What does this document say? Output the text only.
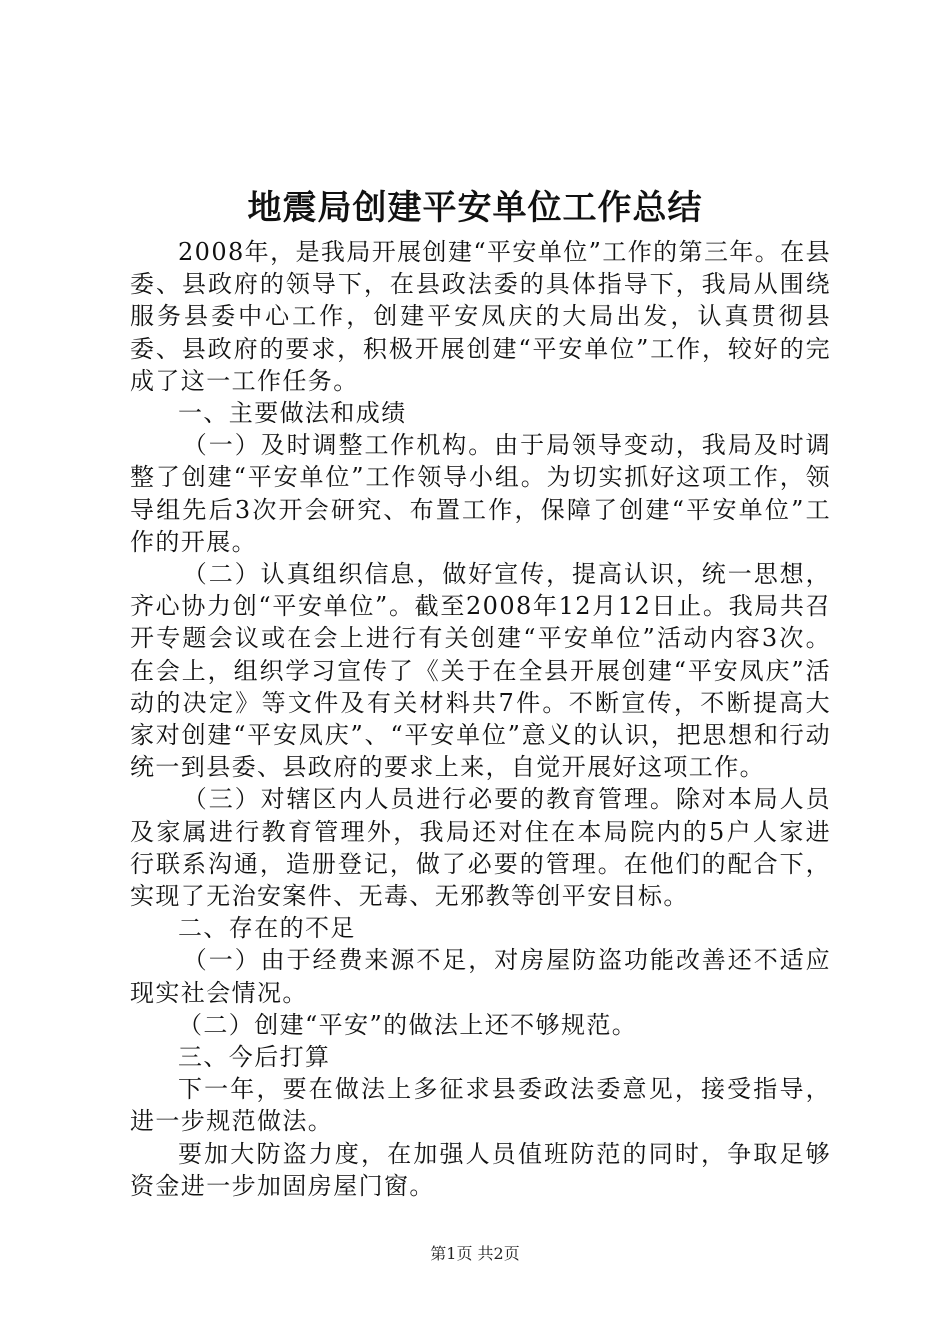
地震局创建平安单位工作总结

2008年，是我局开展创建“平安单位”工作的第三年。在县委、县政府的领导下，在县政法委的具体指导下，我局从围绕服务县委中心工作，创建平安凤庆的大局出发，认真贯彻县委、县政府的要求，积极开展创建“平安单位”工作，较好的完成了这一工作任务。

一、主要做法和成绩

（一）及时调整工作机构。由于局领导变动，我局及时调整了创建“平安单位”工作领导小组。为切实抓好这项工作，领导组先后3次开会研究、布置工作，保障了创建“平安单位”工作的开展。

（二）认真组织信息，做好宣传，提高认识，统一思想，齐心协力创“平安单位”。截至2008年12月12日止。我局共召开专题会议或在会上进行有关创建“平安单位”活动内容3次。在会上，组织学习宣传了《关于在全县开展创建“平安凤庆”活动的决定》等文件及有关材料共7件。不断宣传，不断提高大家对创建“平安凤庆”、“平安单位”意义的认识，把思想和行动统一到县委、县政府的要求上来，自觉开展好这项工作。

（三）对辖区内人员进行必要的教育管理。除对本局人员及家属进行教育管理外，我局还对住在本局院内的5户人家进行联系沟通，造册登记，做了必要的管理。在他们的配合下，实现了无治安案件、无毒、无邪教等创平安目标。

二、存在的不足

（一）由于经费来源不足，对房屋防盗功能改善还不适应现实社会情况。

（二）创建“平安”的做法上还不够规范。

三、今后打算

下一年，要在做法上多征求县委政法委意见，接受指导，进一步规范做法。

要加大防盗力度，在加强人员值班防范的同时，争取足够资金进一步加固房屋门窗。

第1页 共2页
